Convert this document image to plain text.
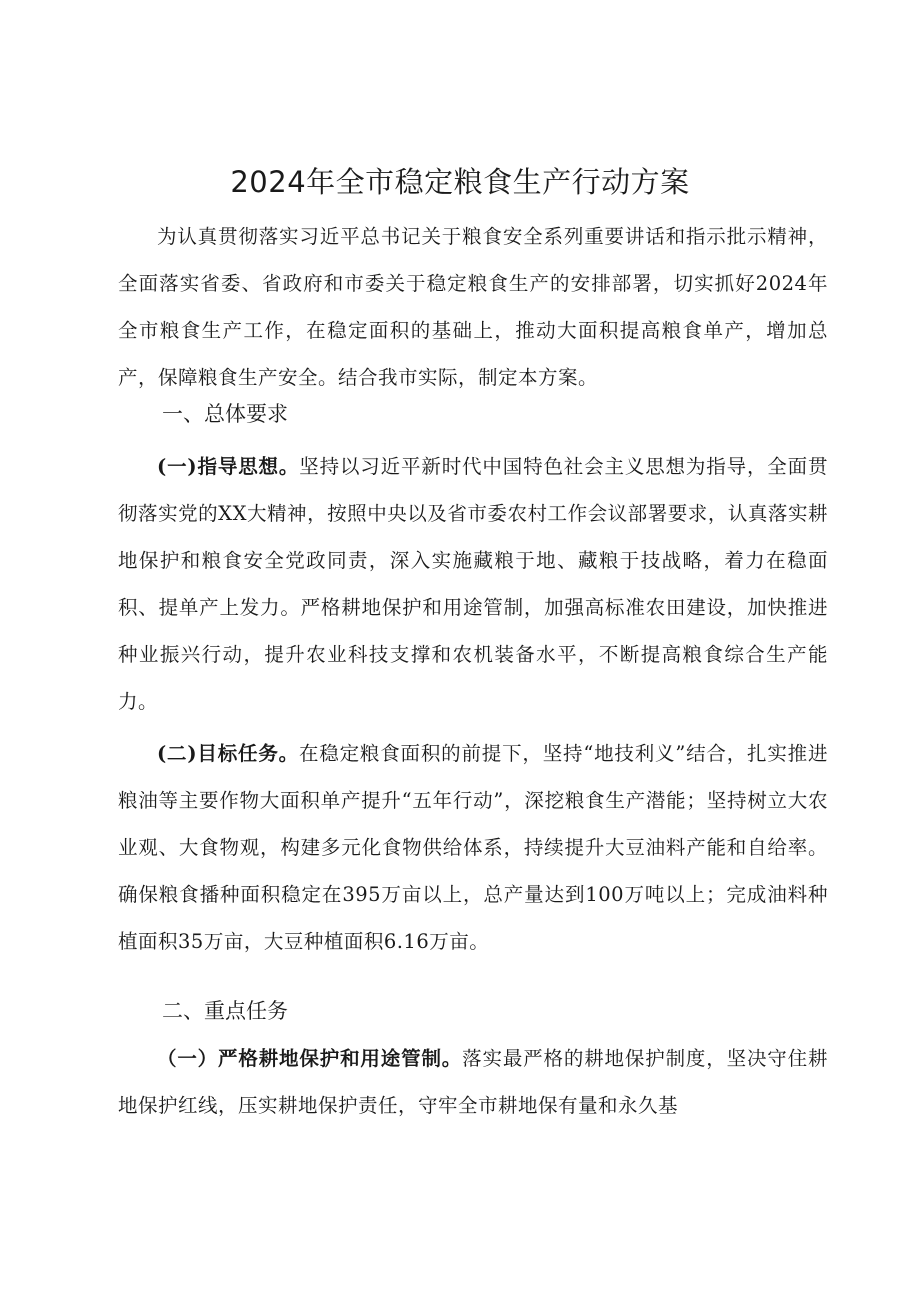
2024年全市稳定粮食生产行动方案

为认真贯彻落实习近平总书记关于粮食安全系列重要讲话和指示批示精神，全面落实省委、省政府和市委关于稳定粮食生产的安排部署，切实抓好2024年全市粮食生产工作，在稳定面积的基础上，推动大面积提高粮食单产，增加总产，保障粮食生产安全。结合我市实际，制定本方案。

一、总体要求

(一)指导思想。坚持以习近平新时代中国特色社会主义思想为指导，全面贯彻落实党的XX大精神，按照中央以及省市委农村工作会议部署要求，认真落实耕地保护和粮食安全党政同责，深入实施藏粮于地、藏粮于技战略，着力在稳面积、提单产上发力。严格耕地保护和用途管制，加强高标准农田建设，加快推进种业振兴行动，提升农业科技支撑和农机装备水平，不断提高粮食综合生产能力。

(二)目标任务。在稳定粮食面积的前提下，坚持“地技利义”结合，扎实推进粮油等主要作物大面积单产提升“五年行动”，深挖粮食生产潜能；坚持树立大农业观、大食物观，构建多元化食物供给体系，持续提升大豆油料产能和自给率。确保粮食播种面积稳定在395万亩以上，总产量达到100万吨以上；完成油料种植面积35万亩，大豆种植面积6.16万亩。

二、重点任务

（一）严格耕地保护和用途管制。落实最严格的耕地保护制度，坚决守住耕地保护红线，压实耕地保护责任，守牢全市耕地保有量和永久基
